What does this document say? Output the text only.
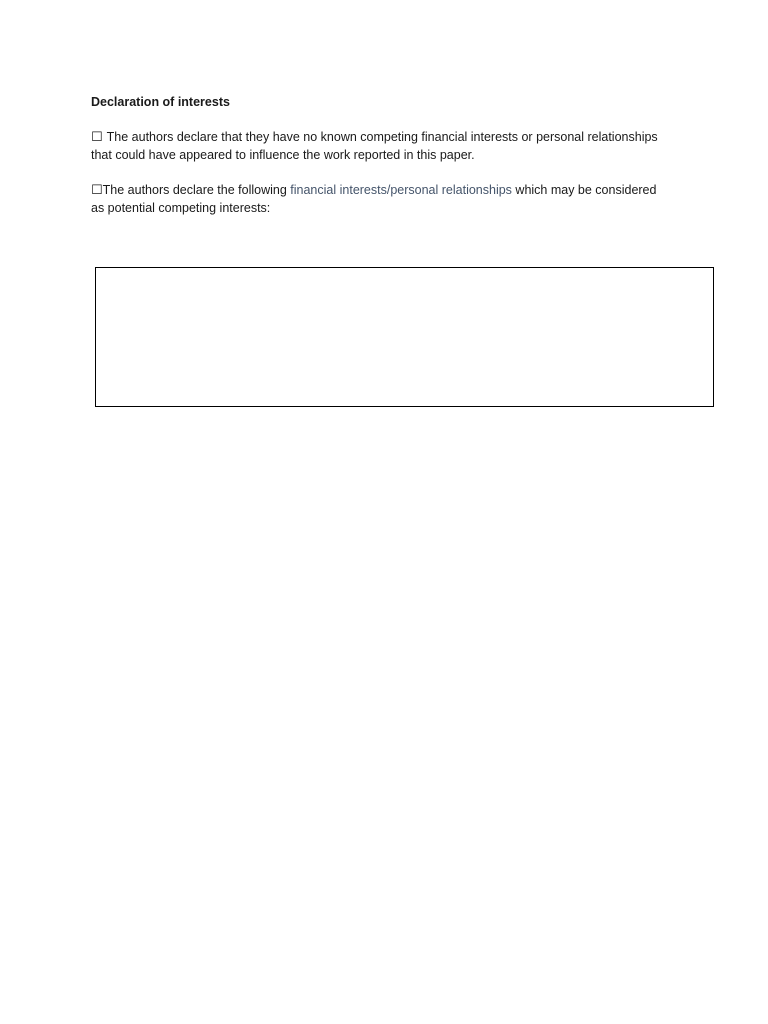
Declaration of interests
☐ The authors declare that they have no known competing financial interests or personal relationships
that could have appeared to influence the work reported in this paper.
☐The authors declare the following financial interests/personal relationships which may be considered
as potential competing interests:
